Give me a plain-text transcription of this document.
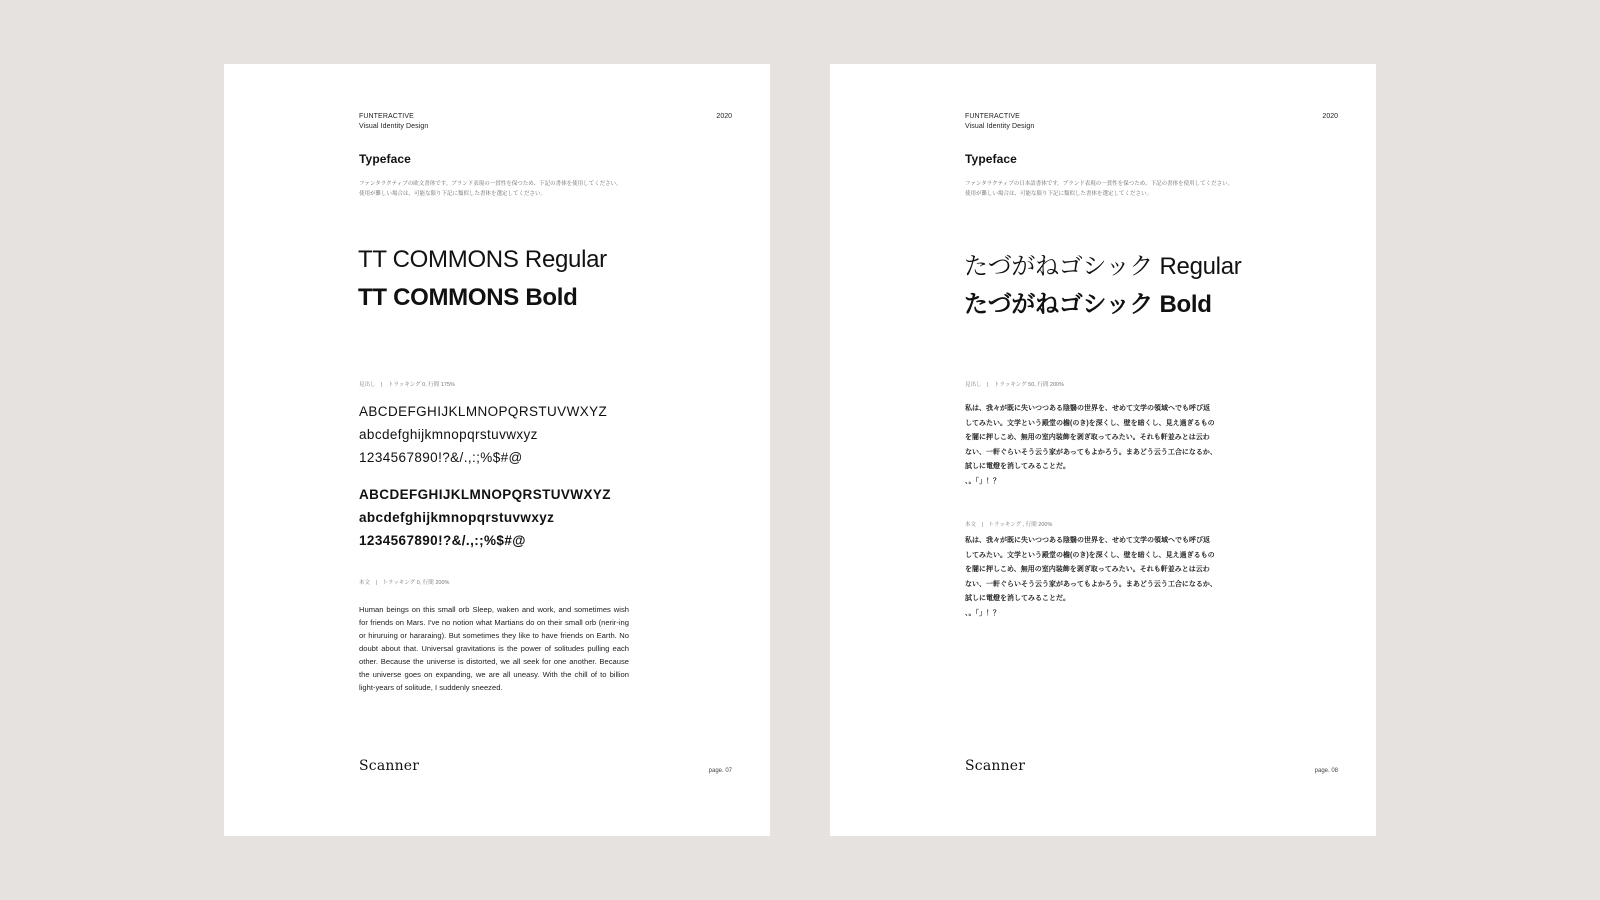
FUNTERACTIVE
Visual Identity Design
2020
Typeface
ファンタラクティブの欧文書体です。ブランド表現の一貫性を保つため、下記の書体を使用してください。
使用が難しい場合は、可能な限り下記に類似した書体を選定してください。
TT COMMONS Regular
TT COMMONS Bold
見出し　|　トラッキング 0, 行間 175%
ABCDEFGHIJKLMNOPQRSTUVWXYZ
abcdefghijkmnopqrstuvwxyz
1234567890!?&/.,:;%$#@
ABCDEFGHIJKLMNOPQRSTUVWXYZ
abcdefghijkmnopqrstuvwxyz
1234567890!?&/.,:;%$#@
本文　|　トラッキング 0, 行間 200%
Human beings on this small orb Sleep, waken and work, and sometimes wish for friends on Mars. I've no notion what Martians do on their small orb (nerir-ing or hiruruing or hararaing). But sometimes they like to have friends on Earth. No doubt about that. Universal gravitations is the power of solitudes pulling each other. Because the universe is distorted, we all seek for one another. Because the universe goes on expanding, we are all uneasy. With the chill of to billion light-years of solitude, I suddenly sneezed.
Scanner	page. 07
FUNTERACTIVE
Visual Identity Design
2020
Typeface
ファンタラクティブの日本語書体です。ブランド表現の一貫性を保つため、下記の書体を使用してください。
使用が難しい場合は、可能な限り下記に類似した書体を選定してください。
たづがねゴシック Regular
たづがねゴシック Bold
見出し　|　トラッキング 50, 行間 200%
私は、我々が既に失いつつある陰翳の世界を、せめて文学の領域へでも呼び返
してみたい。文学という殿堂の檐(のき)を深くし、壁を暗くし、見え過ぎるもの
を闇に押しこめ、無用の室内装飾を剥ぎ取ってみたい。それも軒並みとは云わ
ない、一軒ぐらいそう云う家があってもよかろう。まあどう云う工合になるか、
試しに電燈を消してみることだ。
、。「」！？
本文　|　トラッキング , 行間 200%
私は、我々が既に失いつつある陰翳の世界を、せめて文学の領域へでも呼び返
してみたい。文学という殿堂の檐(のき)を深くし、壁を暗くし、見え過ぎるもの
を闇に押しこめ、無用の室内装飾を剥ぎ取ってみたい。それも軒並みとは云わ
ない、一軒ぐらいそう云う家があってもよかろう。まあどう云う工合になるか、
試しに電燈を消してみることだ。
、。「」！？
Scanner	page. 08
